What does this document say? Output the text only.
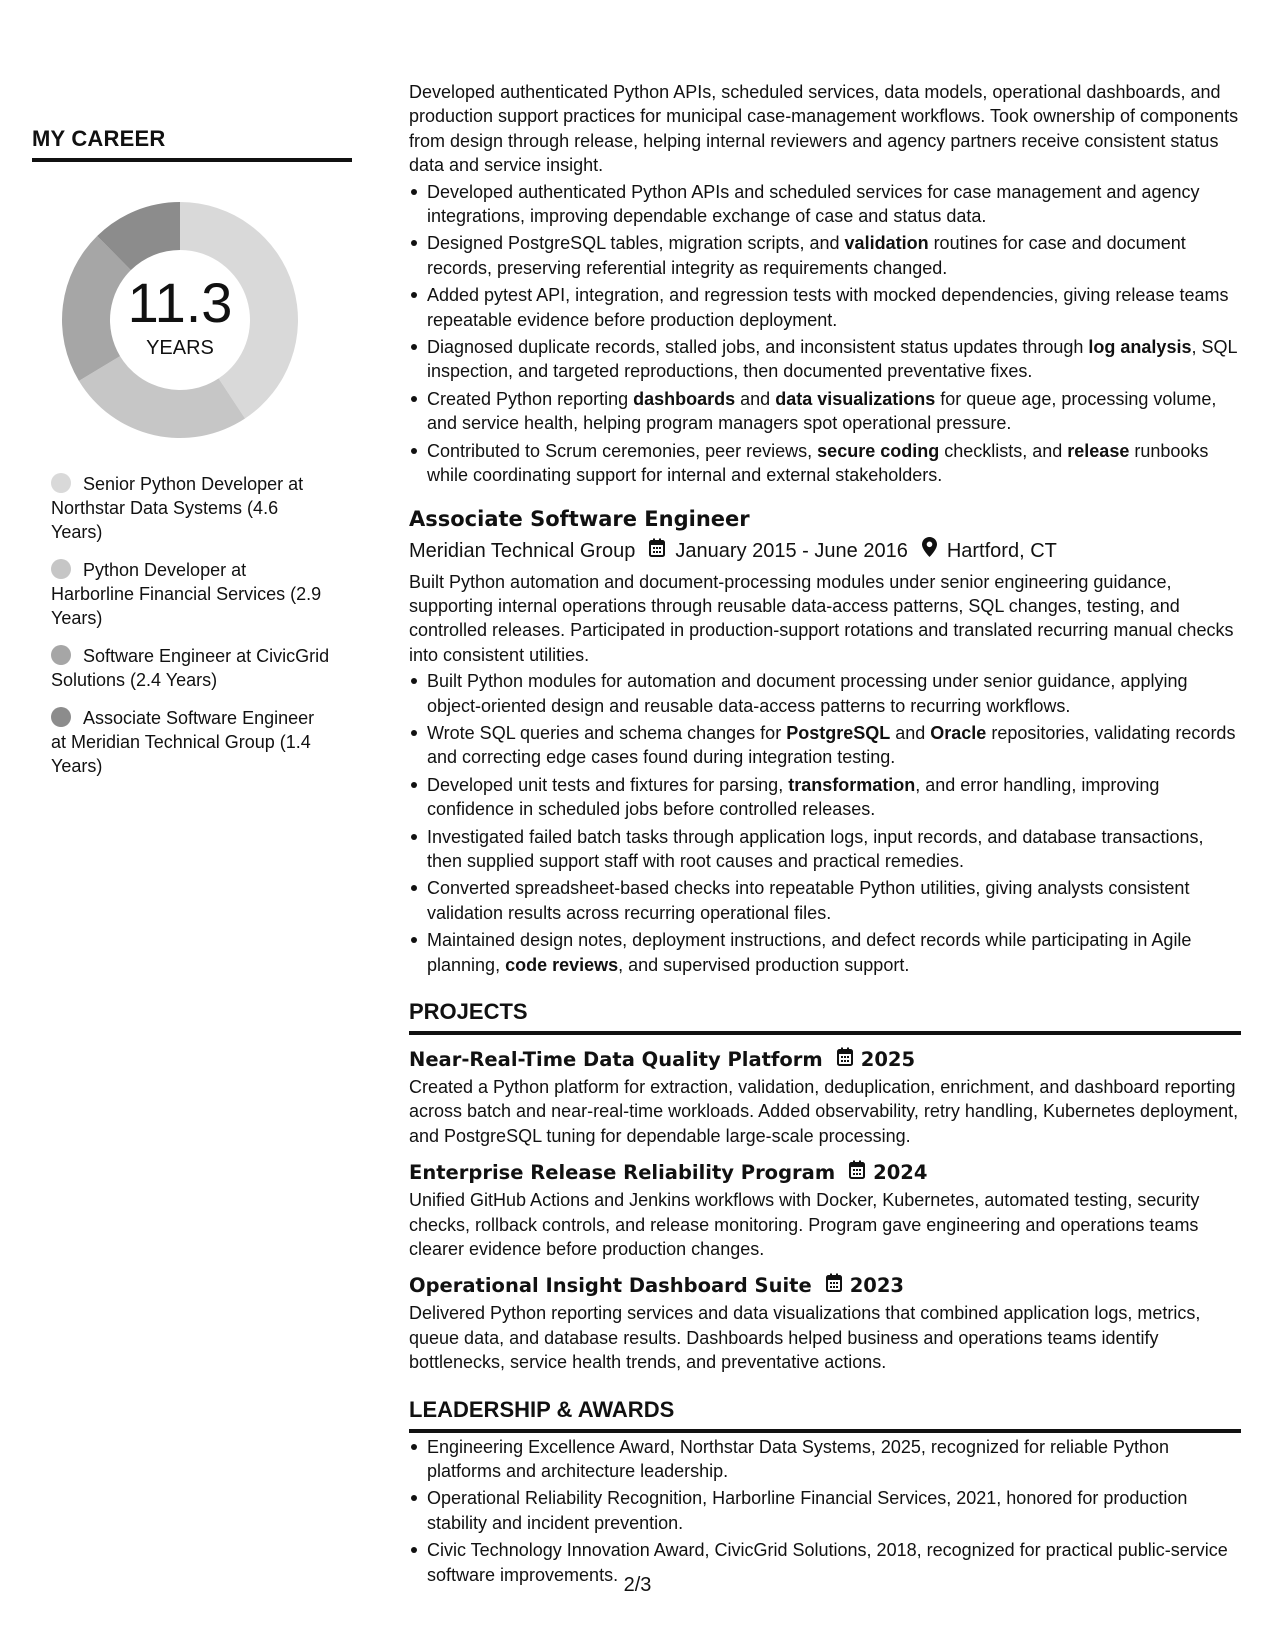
MY CAREER
11.3
YEARS
Senior Python Developer at Northstar Data Systems (4.6 Years)
Python Developer at Harborline Financial Services (2.9 Years)
Software Engineer at CivicGrid Solutions (2.4 Years)
Associate Software Engineer at Meridian Technical Group (1.4 Years)

Developed authenticated Python APIs, scheduled services, data models, operational dashboards, and production support practices for municipal case-management workflows. Took ownership of components from design through release, helping internal reviewers and agency partners receive consistent status data and service insight.

Developed authenticated Python APIs and scheduled services for case management and agency integrations, improving dependable exchange of case and status data.
Designed PostgreSQL tables, migration scripts, and validation routines for case and document records, preserving referential integrity as requirements changed.
Added pytest API, integration, and regression tests with mocked dependencies, giving release teams repeatable evidence before production deployment.
Diagnosed duplicate records, stalled jobs, and inconsistent status updates through log analysis, SQL inspection, and targeted reproductions, then documented preventative fixes.
Created Python reporting dashboards and data visualizations for queue age, processing volume, and service health, helping program managers spot operational pressure.
Contributed to Scrum ceremonies, peer reviews, secure coding checklists, and release runbooks while coordinating support for internal and external stakeholders.
Associate Software Engineer
Meridian Technical Group January 2015 - June 2016 Hartford, CT

Built Python automation and document-processing modules under senior engineering guidance, supporting internal operations through reusable data-access patterns, SQL changes, testing, and controlled releases. Participated in production-support rotations and translated recurring manual checks into consistent utilities.

Built Python modules for automation and document processing under senior guidance, applying object-oriented design and reusable data-access patterns to recurring workflows.
Wrote SQL queries and schema changes for PostgreSQL and Oracle repositories, validating records and correcting edge cases found during integration testing.
Developed unit tests and fixtures for parsing, transformation, and error handling, improving confidence in scheduled jobs before controlled releases.
Investigated failed batch tasks through application logs, input records, and database transactions, then supplied support staff with root causes and practical remedies.
Converted spreadsheet-based checks into repeatable Python utilities, giving analysts consistent validation results across recurring operational files.
Maintained design notes, deployment instructions, and defect records while participating in Agile planning, code reviews, and supervised production support.
PROJECTS
Near-Real-Time Data Quality Platform 2025

Created a Python platform for extraction, validation, deduplication, enrichment, and dashboard reporting across batch and near-real-time workloads. Added observability, retry handling, Kubernetes deployment, and PostgreSQL tuning for dependable large-scale processing.

Enterprise Release Reliability Program 2024

Unified GitHub Actions and Jenkins workflows with Docker, Kubernetes, automated testing, security checks, rollback controls, and release monitoring. Program gave engineering and operations teams clearer evidence before production changes.

Operational Insight Dashboard Suite 2023

Delivered Python reporting services and data visualizations that combined application logs, metrics, queue data, and database results. Dashboards helped business and operations teams identify bottlenecks, service health trends, and preventative actions.

LEADERSHIP & AWARDS
Engineering Excellence Award, Northstar Data Systems, 2025, recognized for reliable Python platforms and architecture leadership.
Operational Reliability Recognition, Harborline Financial Services, 2021, honored for production stability and incident prevention.
Civic Technology Innovation Award, CivicGrid Solutions, 2018, recognized for practical public-service software improvements. 2/3
